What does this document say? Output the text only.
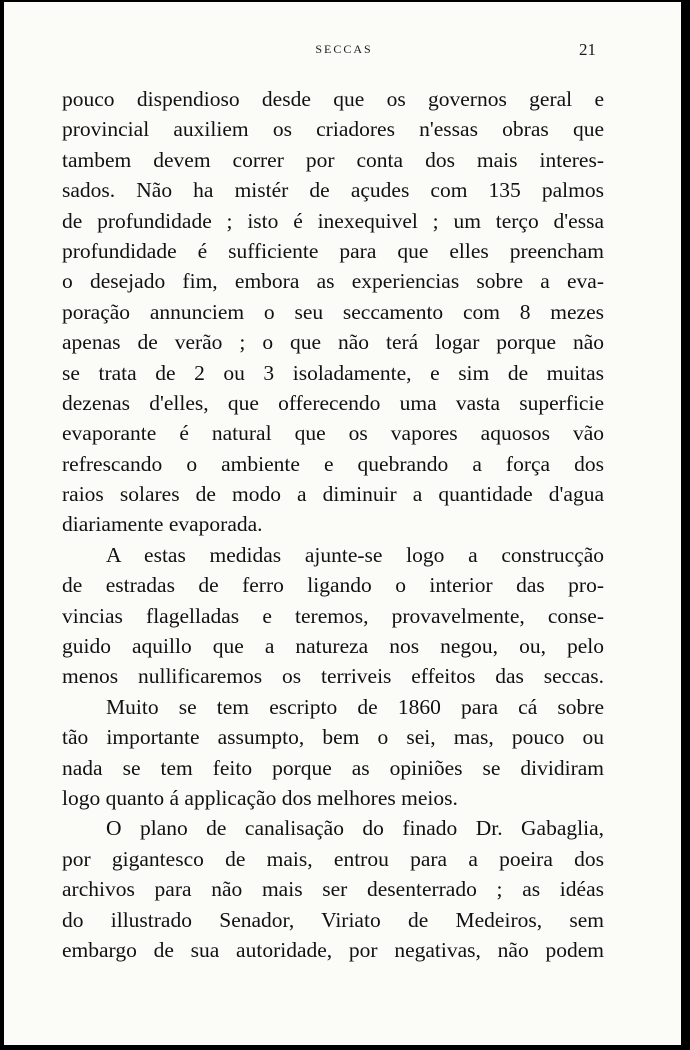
SECCAS	21
pouco dispendioso desde que os governos geral e
provincial auxiliem os criadores n'essas obras que
tambem devem correr por conta dos mais interes-
sados. Não ha mistér de açudes com 135 palmos
de profundidade ; isto é inexequivel ; um terço d'essa
profundidade é sufficiente para que elles preencham
o desejado fim, embora as experiencias sobre a eva-
poração annunciem o seu seccamento com 8 mezes
apenas de verão ; o que não terá logar porque não
se trata de 2 ou 3 isoladamente, e sim de muitas
dezenas d'elles, que offerecendo uma vasta superficie
evaporante é natural que os vapores aquosos vão
refrescando o ambiente e quebrando a força dos
raios solares de modo a diminuir a quantidade d'agua
diariamente evaporada.
A estas medidas ajunte-se logo a construcção
de estradas de ferro ligando o interior das pro-
vincias flagelladas e teremos, provavelmente, conse-
guido aquillo que a natureza nos negou, ou, pelo
menos nullificaremos os terriveis effeitos das seccas.
Muito se tem escripto de 1860 para cá sobre
tão importante assumpto, bem o sei, mas, pouco ou
nada se tem feito porque as opiniões se dividiram
logo quanto á applicação dos melhores meios.
O plano de canalisação do finado Dr. Gabaglia,
por gigantesco de mais, entrou para a poeira dos
archivos para não mais ser desenterrado ; as idéas
do illustrado Senador, Viriato de Medeiros, sem
embargo de sua autoridade, por negativas, não podem
